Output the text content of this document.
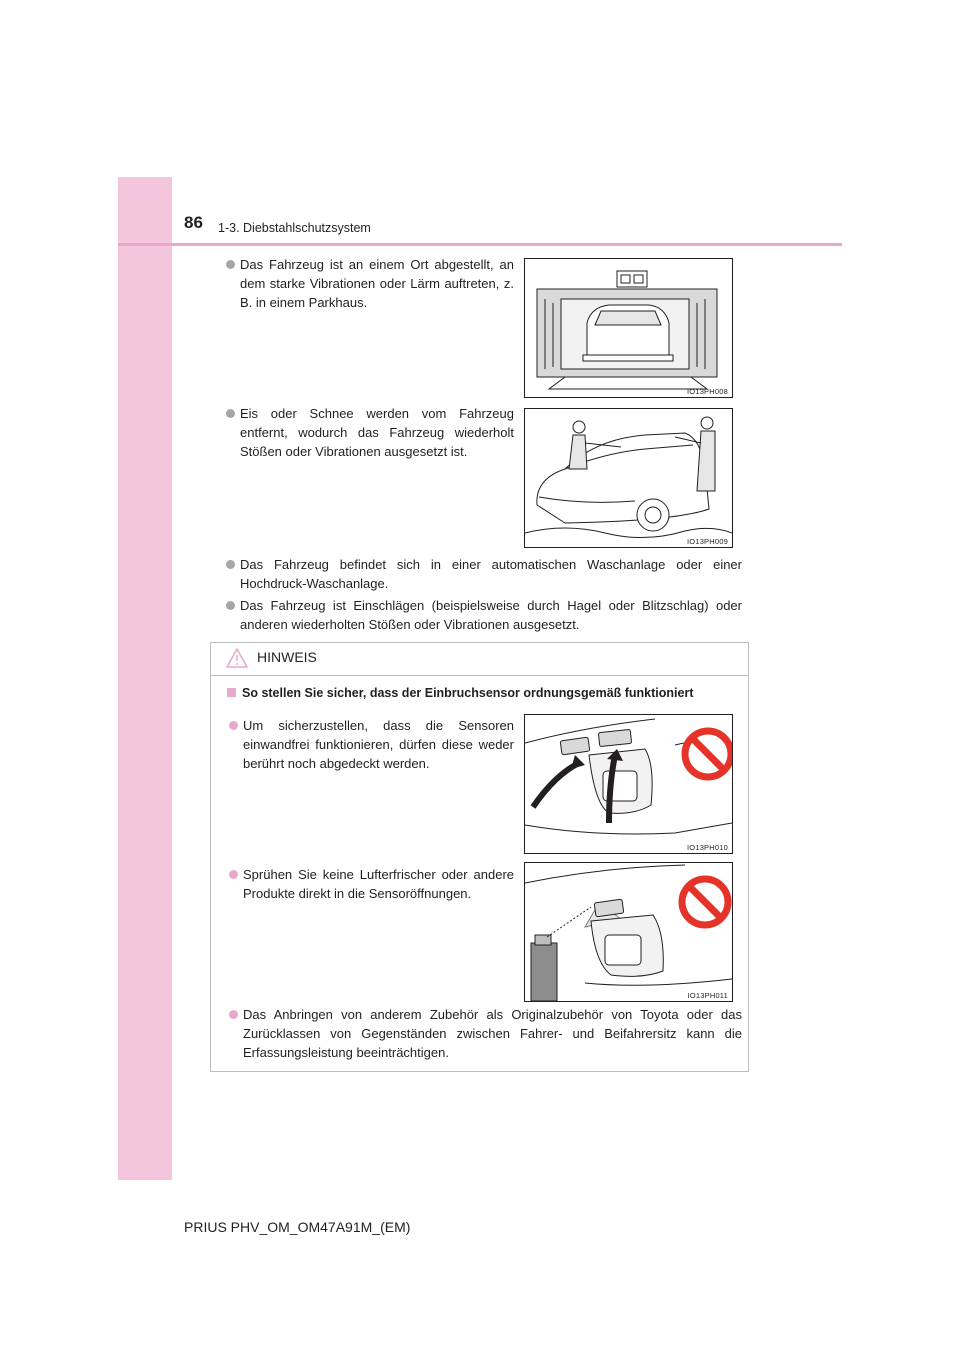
86 1-3. Diebstahlschutzsystem
Das Fahrzeug ist an einem Ort abgestellt, an dem starke Vibrationen oder Lärm auftreten, z. B. in einem Parkhaus.
IO13PH008
Eis oder Schnee werden vom Fahrzeug entfernt, wodurch das Fahrzeug wiederholt Stößen oder Vibrationen ausgesetzt ist.
IO13PH009
Das Fahrzeug befindet sich in einer automatischen Waschanlage oder einer Hochdruck-Waschanlage.
Das Fahrzeug ist Einschlägen (beispielsweise durch Hagel oder Blitzschlag) oder anderen wiederholten Stößen oder Vibrationen ausgesetzt.
HINWEIS
So stellen Sie sicher, dass der Einbruchsensor ordnungsgemäß funktioniert
Um sicherzustellen, dass die Sensoren einwandfrei funktionieren, dürfen diese weder berührt noch abgedeckt werden.
IO13PH010
Sprühen Sie keine Lufterfrischer oder andere Produkte direkt in die Sensoröffnungen.
IO13PH011
Das Anbringen von anderem Zubehör als Originalzubehör von Toyota oder das Zurücklassen von Gegenständen zwischen Fahrer- und Beifahrersitz kann die Erfassungsleistung beeinträchtigen.
PRIUS PHV_OM_OM47A91M_(EM)
